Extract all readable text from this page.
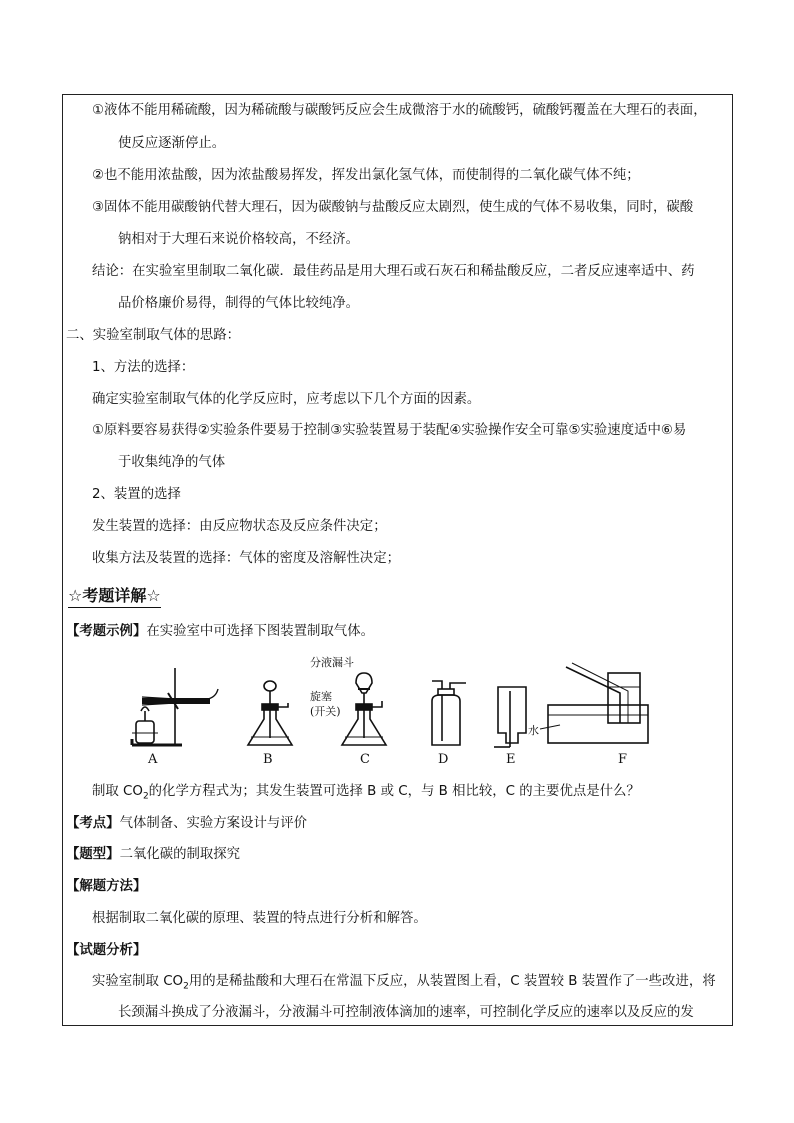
①液体不能用稀硫酸，因为稀硫酸与碳酸钙反应会生成微溶于水的硫酸钙，硫酸钙覆盖在大理石的表面，
使反应逐渐停止。
②也不能用浓盐酸，因为浓盐酸易挥发，挥发出氯化氢气体，而使制得的二氧化碳气体不纯；
③固体不能用碳酸钠代替大理石，因为碳酸钠与盐酸反应太剧烈，使生成的气体不易收集，同时，碳酸
钠相对于大理石来说价格较高，不经济。
结论：在实验室里制取二氧化碳．最佳药品是用大理石或石灰石和稀盐酸反应，二者反应速率适中、药
品价格廉价易得，制得的气体比较纯净。
二、实验室制取气体的思路：
1、方法的选择：
确定实验室制取气体的化学反应时，应考虑以下几个方面的因素。
①原料要容易获得②实验条件要易于控制③实验装置易于装配④实验操作安全可靠⑤实验速度适中⑥易
于收集纯净的气体
2、装置的选择
发生装置的选择：由反应物状态及反应条件决定；
收集方法及装置的选择：气体的密度及溶解性决定；
☆考题详解☆
【考题示例】在实验室中可选择下图装置制取气体。
A	B	C	D	E	F
分液漏斗
旋塞
(开关)
水
制取 $CO_2$的化学方程式为；其发生装置可选择 B 或 C，与 B 相比较，C 的主要优点是什么？
【考点】气体制备、实验方案设计与评价
【题型】二氧化碳的制取探究
【解题方法】
根据制取二氧化碳的原理、装置的特点进行分析和解答。
【试题分析】
实验室制取 $CO_2$用的是稀盐酸和大理石在常温下反应，从装置图上看，C 装置较 B 装置作了一些改进，将
长颈漏斗换成了分液漏斗，分液漏斗可控制液体滴加的速率，可控制化学反应的速率以及反应的发
